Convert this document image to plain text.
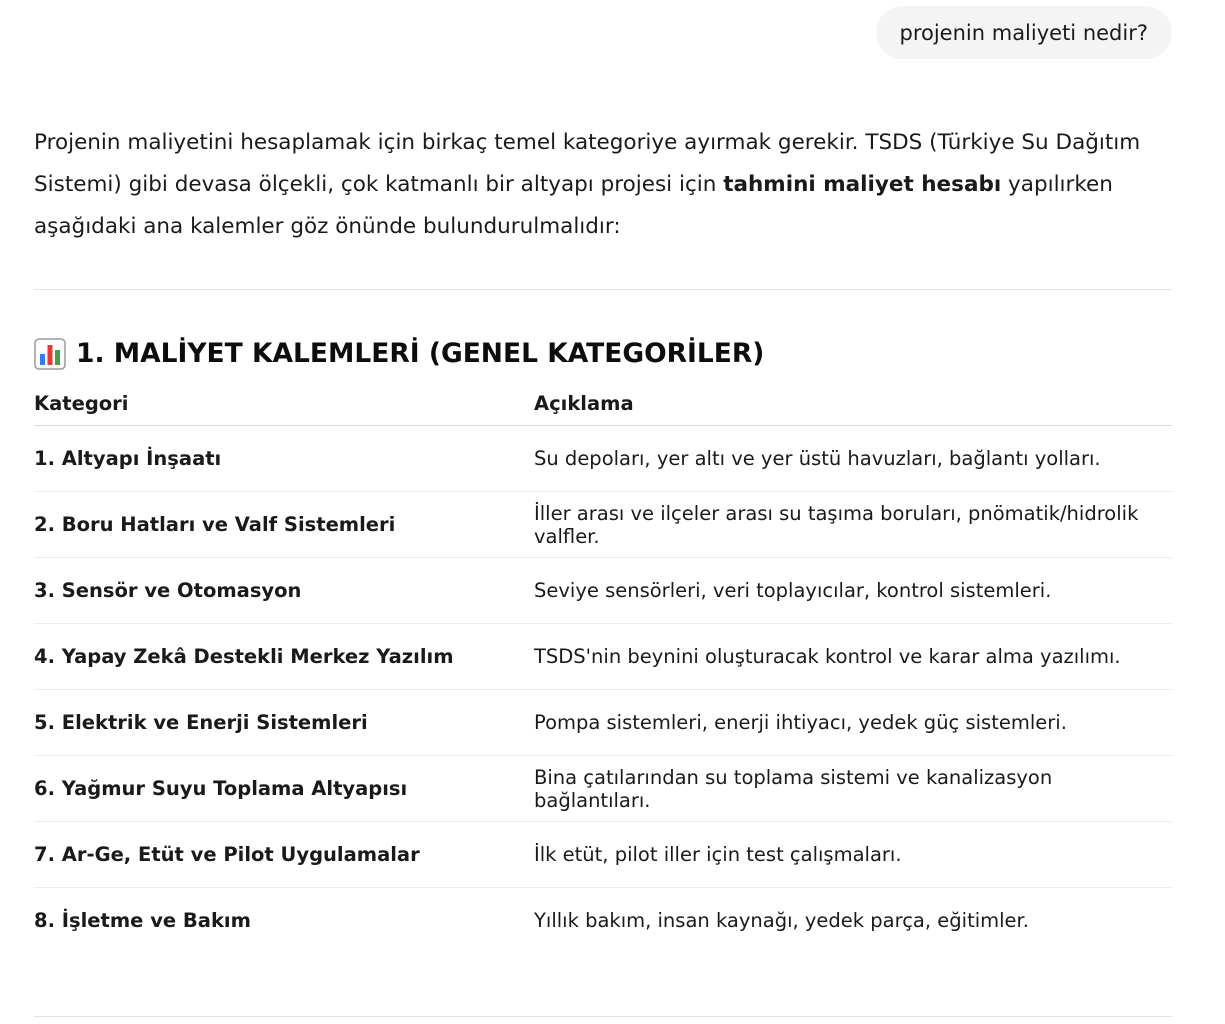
projenin maliyeti nedir?

Projenin maliyetini hesaplamak için birkaç temel kategoriye ayırmak gerekir. TSDS (Türkiye Su Dağıtım Sistemi) gibi devasa ölçekli, çok katmanlı bir altyapı projesi için tahmini maliyet hesabı yapılırken aşağıdaki ana kalemler göz önünde bulundurulmalıdır:

1. MALİYET KALEMLERİ (GENEL KATEGORİLER)
Kategori	Açıklama
1. Altyapı İnşaatı	Su depoları, yer altı ve yer üstü havuzları, bağlantı yolları.
2. Boru Hatları ve Valf Sistemleri	İller arası ve ilçeler arası su taşıma boruları, pnömatik/hidrolik valfler.
3. Sensör ve Otomasyon	Seviye sensörleri, veri toplayıcılar, kontrol sistemleri.
4. Yapay Zekâ Destekli Merkez Yazılım	TSDS'nin beynini oluşturacak kontrol ve karar alma yazılımı.
5. Elektrik ve Enerji Sistemleri	Pompa sistemleri, enerji ihtiyacı, yedek güç sistemleri.
6. Yağmur Suyu Toplama Altyapısı	Bina çatılarından su toplama sistemi ve kanalizasyon bağlantıları.
7. Ar-Ge, Etüt ve Pilot Uygulamalar	İlk etüt, pilot iller için test çalışmaları.
8. İşletme ve Bakım	Yıllık bakım, insan kaynağı, yedek parça, eğitimler.
